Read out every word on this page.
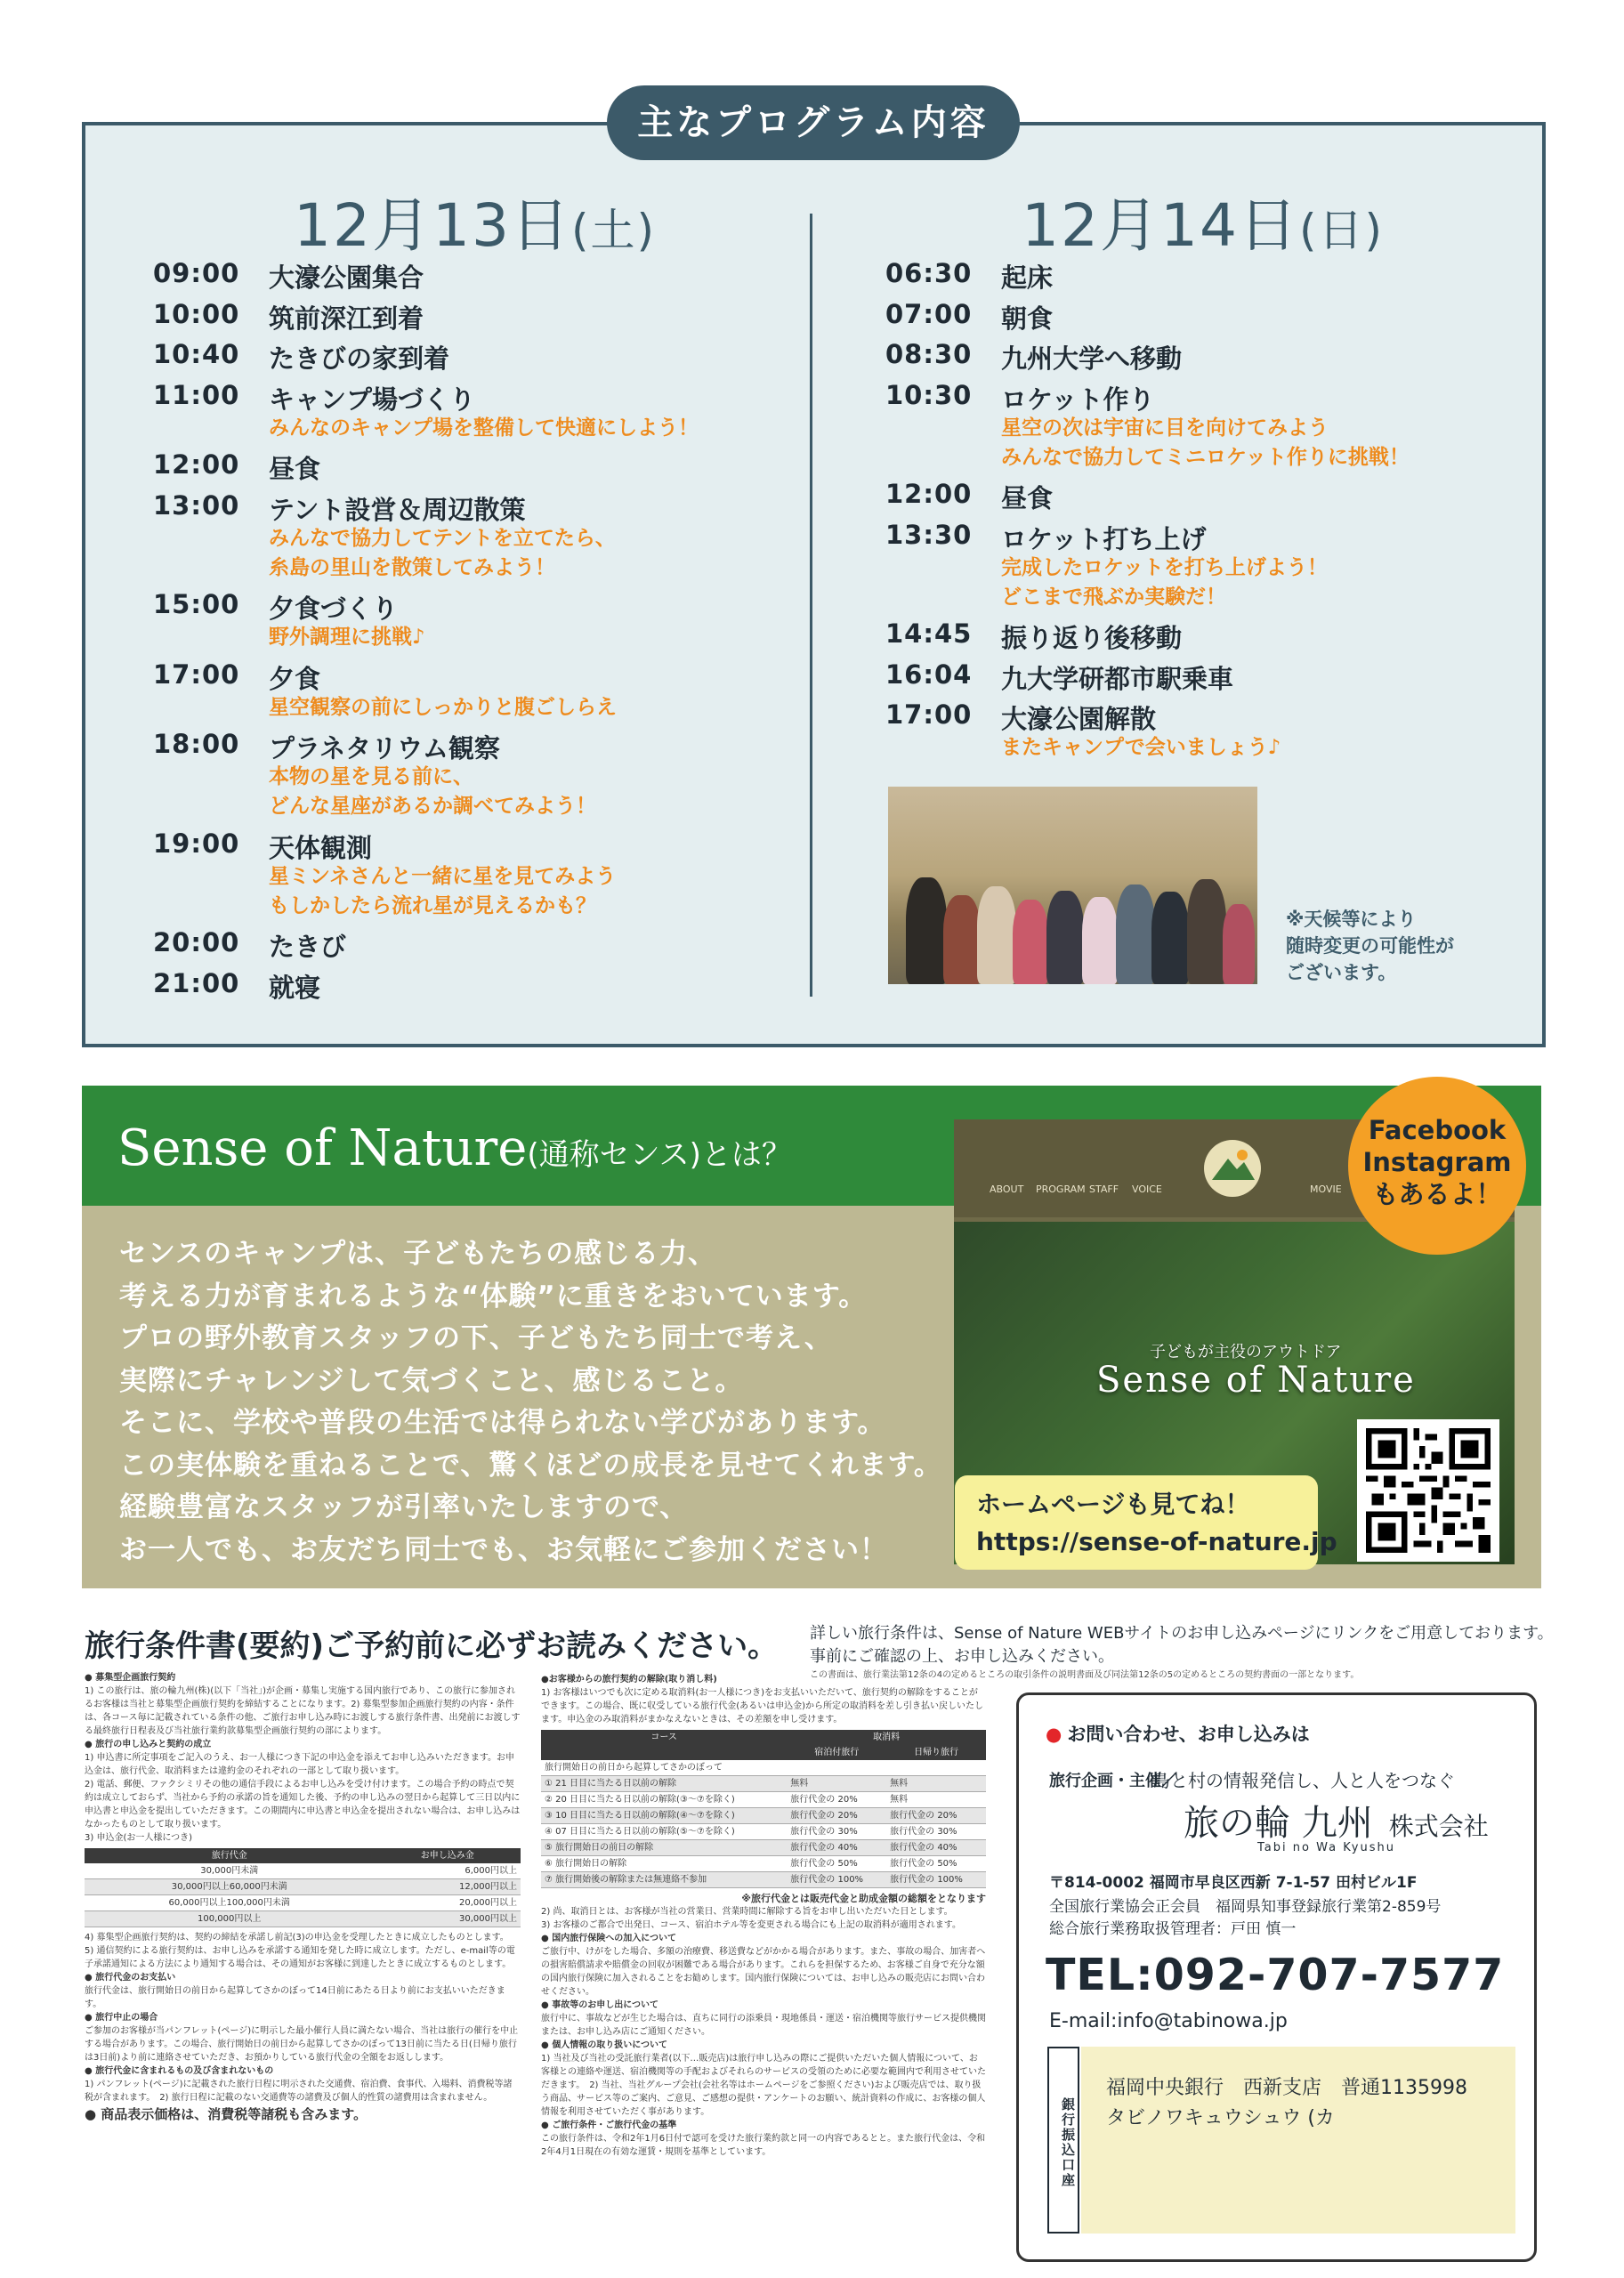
主なプログラム内容
12月13日(土)	12月14日(日)
09:00	大濠公園集合
10:00	筑前深江到着
10:40	たきびの家到着
11:00	キャンプ場づくり
みんなのキャンプ場を整備して快適にしよう！
12:00	昼食
13:00	テント設営＆周辺散策
みんなで協力してテントを立てたら、
糸島の里山を散策してみよう！
15:00	夕食づくり
野外調理に挑戦♪
17:00	夕食
星空観察の前にしっかりと腹ごしらえ
18:00	プラネタリウム観察
本物の星を見る前に、
どんな星座があるか調べてみよう！
19:00	天体観測
星ミンネさんと一緒に星を見てみよう
もしかしたら流れ星が見えるかも？
20:00	たきび
21:00	就寝
06:30	起床
07:00	朝食
08:30	九州大学へ移動
10:30	ロケット作り
星空の次は宇宙に目を向けてみよう
みんなで協力してミニロケット作りに挑戦！
12:00	昼食
13:30	ロケット打ち上げ
完成したロケットを打ち上げよう！
どこまで飛ぶか実験だ！
14:45	振り返り後移動
16:04	九大学研都市駅乗車
17:00	大濠公園解散
またキャンプで会いましょう♪
※天候等により
随時変更の可能性が
ございます。
Sense of Nature(通称センス)とは？
センスのキャンプは、子どもたちの感じる力、
考える力が育まれるような“体験”に重きをおいています。
プロの野外教育スタッフの下、子どもたち同士で考え、
実際にチャレンジして気づくこと、感じること。
そこに、学校や普段の生活では得られない学びがあります。
この実体験を重ねることで、驚くほどの成長を見せてくれます。
経験豊富なスタッフが引率いたしますので、
お一人でも、お友だち同士でも、お気軽にご参加ください！
ABOUT PROGRAM STAFF VOICE	MOVIE
子どもが主役のアウトドア
Sense of Nature
Facebook
Instagram
もあるよ！
ホームページも見てね！
https://sense-of-nature.jp
旅行条件書(要約)ご予約前に必ずお読みください。 詳しい旅行条件は、Sense of Nature WEBサイトのお申し込みページにリンクをご用意しております。
事前にご確認の上、お申し込みください。
この書面は、旅行業法第12条の4の定めるところの取引条件の説明書面及び同法第12条の5の定めるところの契約書面の一部となります。

● 募集型企画旅行契約

1) この旅行は、旅の輪九州(株)(以下「当社」)が企画・募集し実施する国内旅行であり、この旅行に参加されるお客様は当社と募集型企画旅行契約を締結することになります。2) 募集型参加企画旅行契約の内容・条件は、各コース毎に記載されている条件の他、ご旅行お申し込み時にお渡しする旅行条件書、出発前にお渡しする最終旅行日程表及び当社旅行業約款募集型企画旅行契約の部によります。

● 旅行の申し込みと契約の成立

1) 申込書に所定事項をご記入のうえ、お一人様につき下記の申込金を添えてお申し込みいただきます。お申込金は、旅行代金、取消料または違約金のそれぞれの一部として取り扱います。

2) 電話、郵便、ファクシミリその他の通信手段によるお申し込みを受け付けます。この場合予約の時点で契約は成立しておらず、当社から予約の承諾の旨を通知した後、予約の申し込みの翌日から起算して三日以内に申込書と申込金を提出していただきます。この期間内に申込書と申込金を提出されない場合は、お申し込みはなかったものとして取り扱います。

3) 申込金(お一人様につき)

旅行代金	お申し込み金
30,000円未満	6,000円以上
30,000円以上60,000円未満	12,000円以上
60,000円以上100,000円未満	20,000円以上
100,000円以上	30,000円以上

4) 募集型企画旅行契約は、契約の締結を承諾し前記(3)の申込金を受理したときに成立したものとします。

5) 通信契約による旅行契約は、お申し込みを承諾する通知を発した時に成立します。ただし、e-mail等の電子承諾通知による方法により通知する場合は、その通知がお客様に到達したときに成立するものとします。

● 旅行代金のお支払い

旅行代金は、旅行開始日の前日から起算してさかのぼって14日前にあたる日より前にお支払いいただきます。

● 旅行中止の場合

ご参加のお客様が当パンフレット(ページ)に明示した最小催行人員に満たない場合、当社は旅行の催行を中止する場合があります。この場合、旅行開始日の前日から起算してさかのぼって13日前に当たる日(日帰り旅行は3日前)より前に連絡させていただき、お預かりしている旅行代金の全額をお返しします。

● 旅行代金に含まれるもの及び含まれないもの

1) パンフレット(ページ)に記載された旅行日程に明示された交通費、宿泊費、食事代、入場料、消費税等諸税が含まれます。　2) 旅行日程に記載のない交通費等の諸費及び個人的性質の諸費用は含まれません。

● 商品表示価格は、消費税等諸税も含みます。

●お客様からの旅行契約の解除(取り消し料)

1) お客様はいつでも次に定める取消料(お一人様につき)をお支払いいただいて、旅行契約の解除をすることができます。この場合、既に収受している旅行代金(あるいは申込金)から所定の取消料を差し引き払い戻しいたします。申込金のみ取消料がまかなえないときは、その差額を申し受けます。

コース	取消料	
	宿泊付旅行	日帰り旅行
旅行開始日の前日から起算してさかのぼって		
① 21 日目に当たる日以前の解除	無料	無料
② 20 日目に当たる日以前の解除(③～⑦を除く)	旅行代金の 20%	無料
③ 10 日目に当たる日以前の解除(④～⑦を除く)	旅行代金の 20%	旅行代金の 20%
④ 07 日目に当たる日以前の解除(⑤～⑦を除く)	旅行代金の 30%	旅行代金の 30%
⑤ 旅行開始日の前日の解除	旅行代金の 40%	旅行代金の 40%
⑥ 旅行開始日の解除	旅行代金の 50%	旅行代金の 50%
⑦ 旅行開始後の解除または無連絡不参加	旅行代金の 100%	旅行代金の 100%
※旅行代金とは販売代金と助成金額の総額をとなります

2) 尚、取消日とは、お客様が当社の営業日、営業時間に解除する旨をお申し出いただいた日とします。

3) お客様のご都合で出発日、コース、宿泊ホテル等を変更される場合にも上記の取消料が適用されます。

● 国内旅行保険への加入について

ご旅行中、けがをした場合、多額の治療費、移送費などがかかる場合があります。また、事故の場合、加害者への損害賠償請求や賠償金の回収が困難である場合があります。これらを担保するため、お客様ご自身で充分な額の国内旅行保険に加入されることをお勧めします。国内旅行保険については、お申し込みの販売店にお問い合わせください。

● 事故等のお申し出について

旅行中に、事故などが生じた場合は、直ちに同行の添乗員・現地係員・運送・宿泊機関等旅行サービス提供機関または、お申し込み店にご通知ください。

● 個人情報の取り扱いについて

1) 当社及び当社の受託旅行業者(以下…販売店)は旅行申し込みの際にご提供いただいた個人情報について、お客様との連絡や運送、宿泊機関等の手配およびそれらのサービスの受領のために必要な範囲内で利用させていただきます。　2) 当社、当社グループ会社(会社名等はホームページをご参照ください)および販売店では、取り扱う商品、サービス等のご案内、ご意見、ご感想の提供・アンケートのお願い、統計資料の作成に、お客様の個人情報を利用させていただく事があります。

● ご旅行条件・ご旅行代金の基準

この旅行条件は、令和2年1月6日付で認可を受けた旅行業約款と同一の内容であるとと。また旅行代金は、令和2年4月1日現在の有効な運賃・規則を基準としています。

● お問い合わせ、お申し込みは
旅行企画・主催／
島と村の情報発信し、人と人をつなぐ
旅の輪 九州 株式会社
Tabi no Wa Kyushu
〒814-0002 福岡市早良区西新 7-1-57 田村ビル1F
全国旅行業協会正会員　福岡県知事登録旅行業第2-859号
総合旅行業務取扱管理者：戸田 慎一
TEL:092-707-7577
E-mail:info@tabinowa.jp
銀行振込口座
福岡中央銀行　西新支店　普通1135998
タビノワキュウシュウ (カ
